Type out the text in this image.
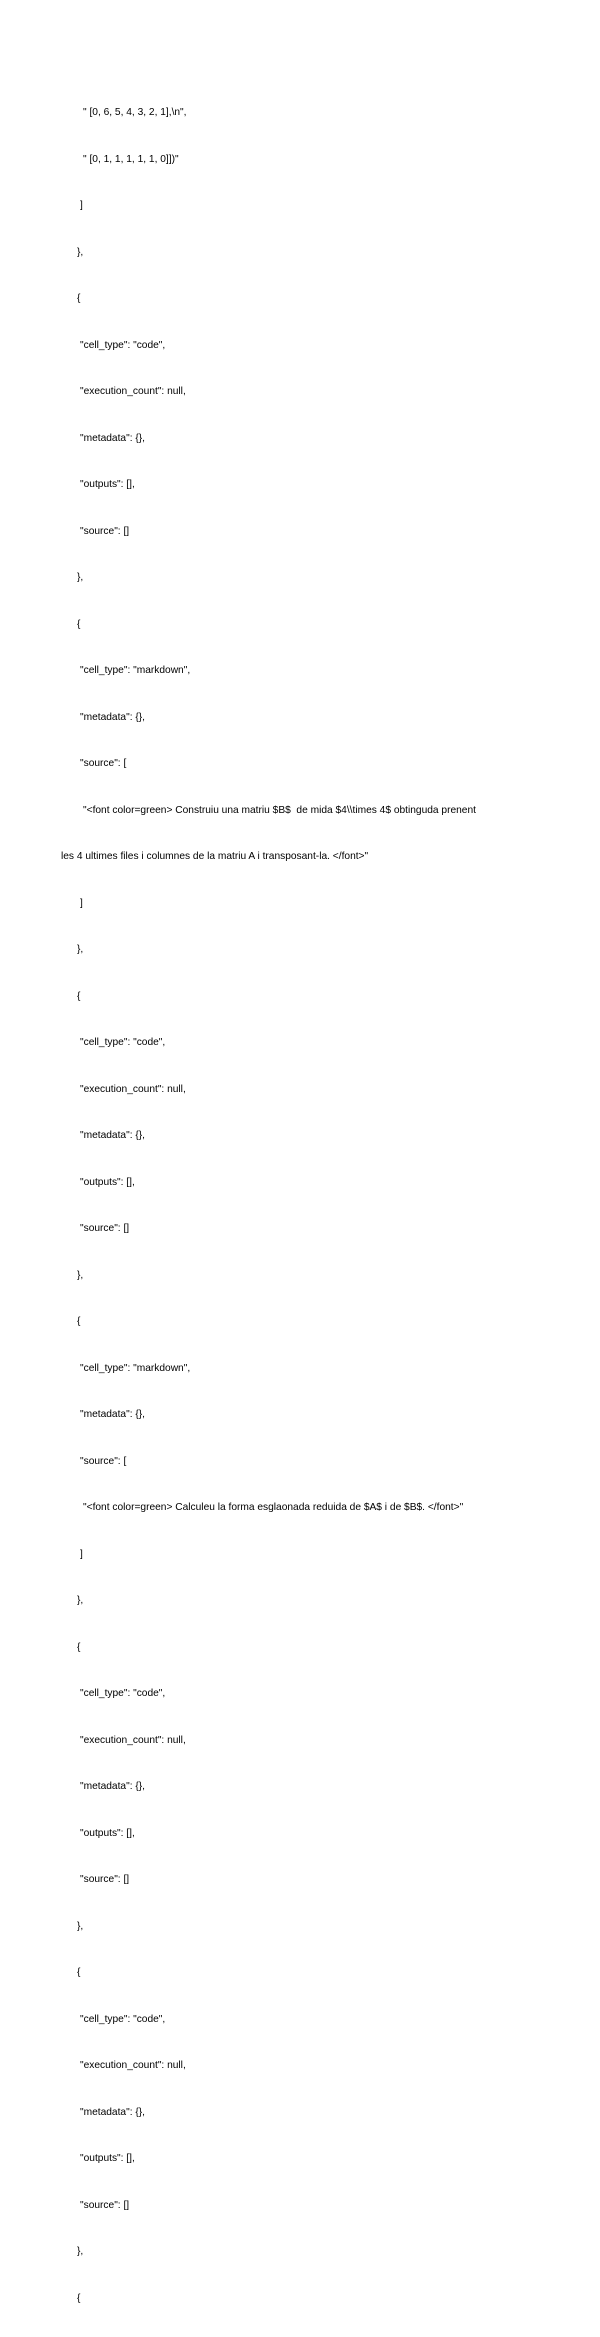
" [0, 6, 5, 4, 3, 2, 1],\n",

" [0, 1, 1, 1, 1, 1, 0]])"

]

},

{

"cell_type": "code",

"execution_count": null,

"metadata": {},

"outputs": [],

"source": []

},

{

"cell_type": "markdown",

"metadata": {},

"source": [

"<font color=green> Construiu una matriu $B$  de mida $4\\times 4$ obtinguda prenent

les 4 ultimes files i columnes de la matriu A i transposant-la. </font>"

]

},

{

"cell_type": "code",

"execution_count": null,

"metadata": {},

"outputs": [],

"source": []

},

{

"cell_type": "markdown",

"metadata": {},

"source": [

"<font color=green> Calculeu la forma esglaonada reduida de $A$ i de $B$. </font>"

]

},

{

"cell_type": "code",

"execution_count": null,

"metadata": {},

"outputs": [],

"source": []

},

{

"cell_type": "code",

"execution_count": null,

"metadata": {},

"outputs": [],

"source": []

},

{
